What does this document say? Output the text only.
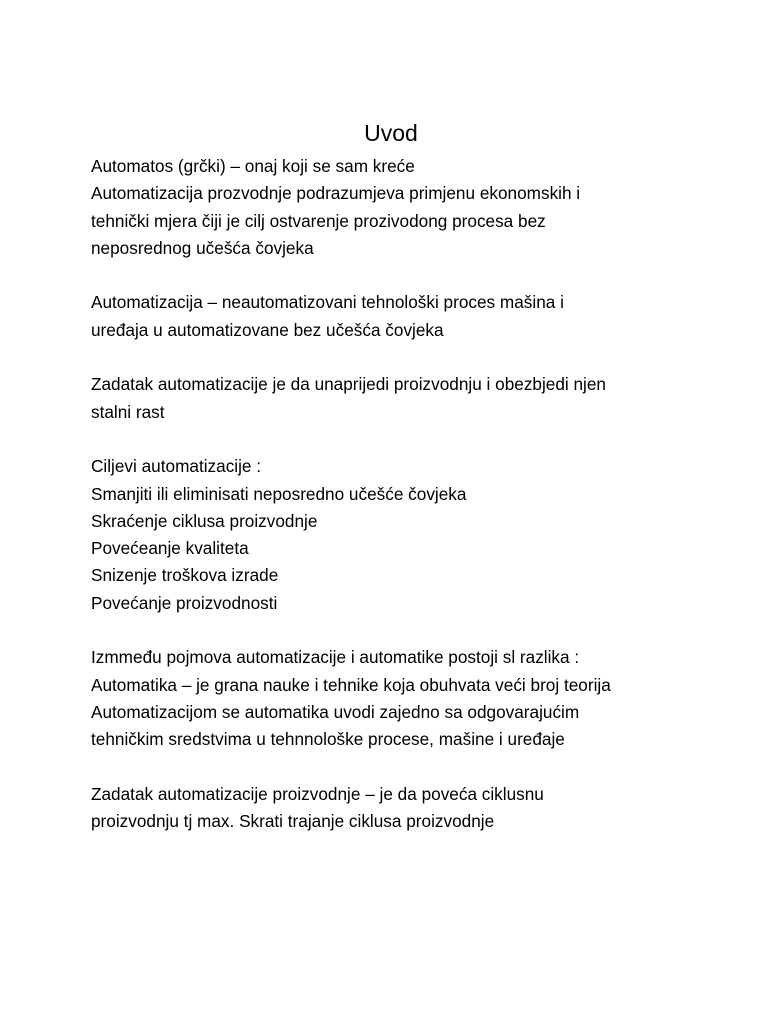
Uvod
Automatos (grčki) – onaj koji se sam kreće
Automatizacija prozvodnje podrazumjeva primjenu ekonomskih i
tehnički mjera čiji je cilj ostvarenje prozivodong procesa bez
neposrednog učešća čovjeka
Automatizacija – neautomatizovani tehnološki proces mašina i
uređaja u automatizovane bez učešća čovjeka
Zadatak automatizacije je da unaprijedi proizvodnju i obezbjedi njen
stalni rast
Ciljevi automatizacije :
Smanjiti ili eliminisati neposredno učešće čovjeka
Skraćenje ciklusa proizvodnje
Povećeanje kvaliteta
Snizenje troškova izrade
Povećanje proizvodnosti
Izmmeđu pojmova automatizacije i automatike postoji sl razlika :
Automatika – je grana nauke i tehnike koja obuhvata veći broj teorija
Automatizacijom se automatika uvodi zajedno sa odgovarajućim
tehničkim sredstvima u tehnnološke procese, mašine i uređaje
Zadatak automatizacije proizvodnje – je da poveća ciklusnu
proizvodnju tj max. Skrati trajanje ciklusa proizvodnje
